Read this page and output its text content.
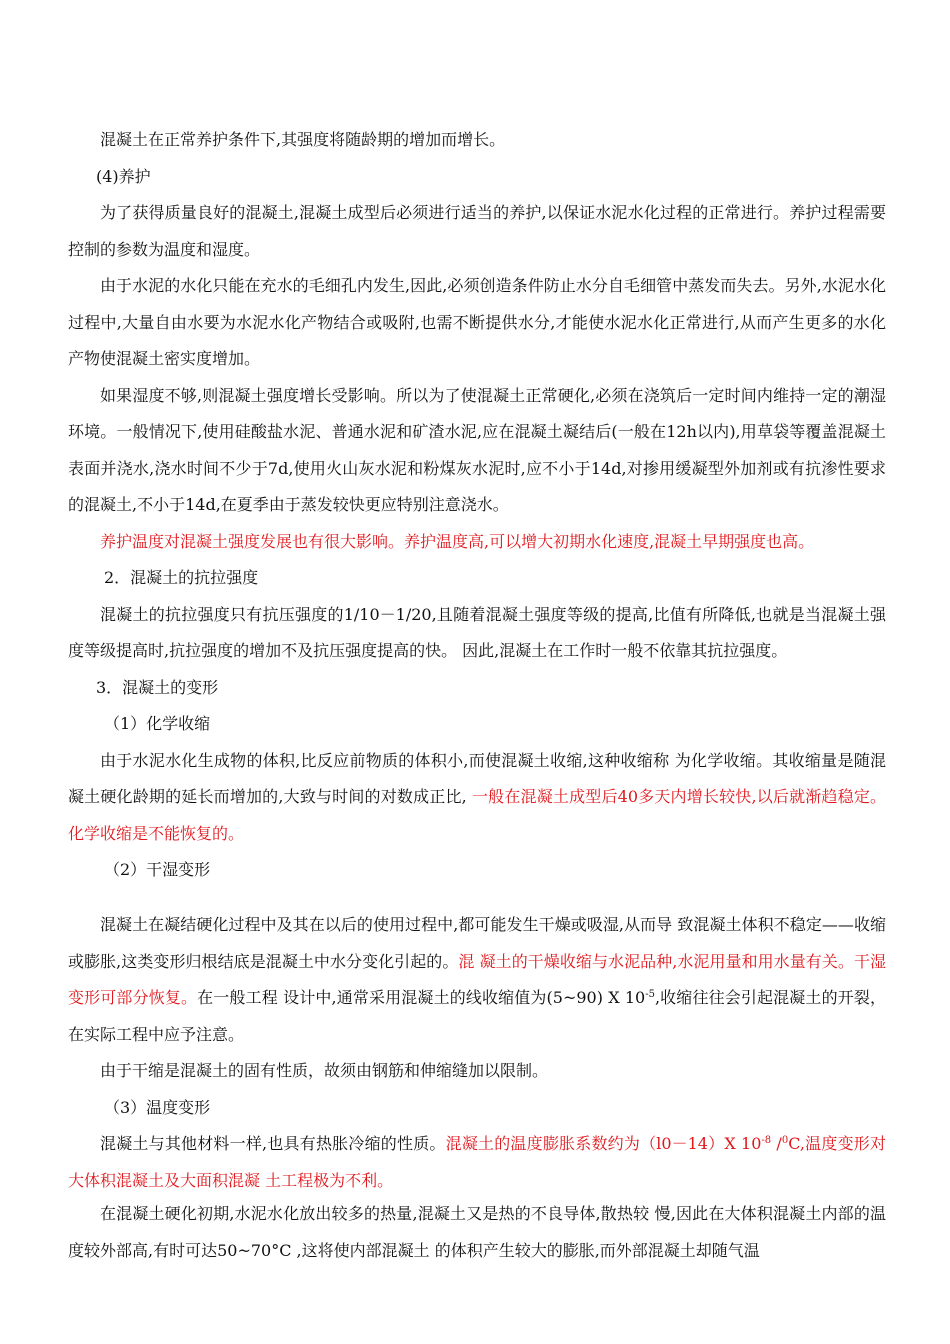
混凝土在正常养护条件下,其强度将随龄期的增加而增长。

(4)养护

为了获得质量良好的混凝土,混凝土成型后必须进行适当的养护,以保证水泥水化过程的正常进行。养护过程需要控制的参数为温度和湿度。

由于水泥的水化只能在充水的毛细孔内发生,因此,必须创造条件防止水分自毛细管中蒸发而失去。另外,水泥水化过程中,大量自由水要为水泥水化产物结合或吸附,也需不断提供水分,才能使水泥水化正常进行,从而产生更多的水化产物使混凝土密实度增加。

如果湿度不够,则混凝土强度增长受影响。所以为了使混凝土正常硬化,必须在浇筑后一定时间内维持一定的潮湿环境。一般情况下,使用硅酸盐水泥、普通水泥和矿渣水泥,应在混凝土凝结后(一般在12h以内),用草袋等覆盖混凝土表面并浇水,浇水时间不少于7d,使用火山灰水泥和粉煤灰水泥时,应不小于14d,对掺用缓凝型外加剂或有抗渗性要求的混凝土,不小于14d,在夏季由于蒸发较快更应特别注意浇水。

养护温度对混凝土强度发展也有很大影响。养护温度高,可以增大初期水化速度,混凝土早期强度也高。

2．混凝土的抗拉强度

混凝土的抗拉强度只有抗压强度的1/10－1/20,且随着混凝土强度等级的提高,比值有所降低,也就是当混凝土强度等级提高时,抗拉强度的增加不及抗压强度提高的快。 因此,混凝土在工作时一般不依靠其抗拉强度。

3．混凝土的变形

（1）化学收缩

由于水泥水化生成物的体积,比反应前物质的体积小,而使混凝土收缩,这种收缩称 为化学收缩。其收缩量是随混凝土硬化龄期的延长而增加的,大致与时间的对数成正比, 一般在混凝土成型后40多天内增长较快,以后就渐趋稳定。化学收缩是不能恢复的。

（2）干湿变形

混凝土在凝结硬化过程中及其在以后的使用过程中,都可能发生干燥或吸湿,从而导 致混凝土体积不稳定——收缩或膨胀,这类变形归根结底是混凝土中水分变化引起的。混 凝土的干燥收缩与水泥品种,水泥用量和用水量有关。干湿变形可部分恢复。在一般工程 设计中,通常采用混凝土的线收缩值为(5~90) X $10^{-5}$,收缩往往会引起混凝土的开裂，在实际工程中应予注意。

由于干缩是混凝土的固有性质，故须由钢筋和伸缩缝加以限制。

（3）温度变形

混凝土与其他材料一样,也具有热胀冷缩的性质。混凝土的温度膨胀系数约为（l0－14）X $10^{-8}$ /$^0$C,温度变形对大体积混凝土及大面积混凝 土工程极为不利。

在混凝土硬化初期,水泥水化放出较多的热量,混凝土又是热的不良导体,散热较 慢,因此在大体积混凝土内部的温度较外部高,有时可达50~70°C ,这将使内部混凝土 的体积产生较大的膨胀,而外部混凝土却随气温
